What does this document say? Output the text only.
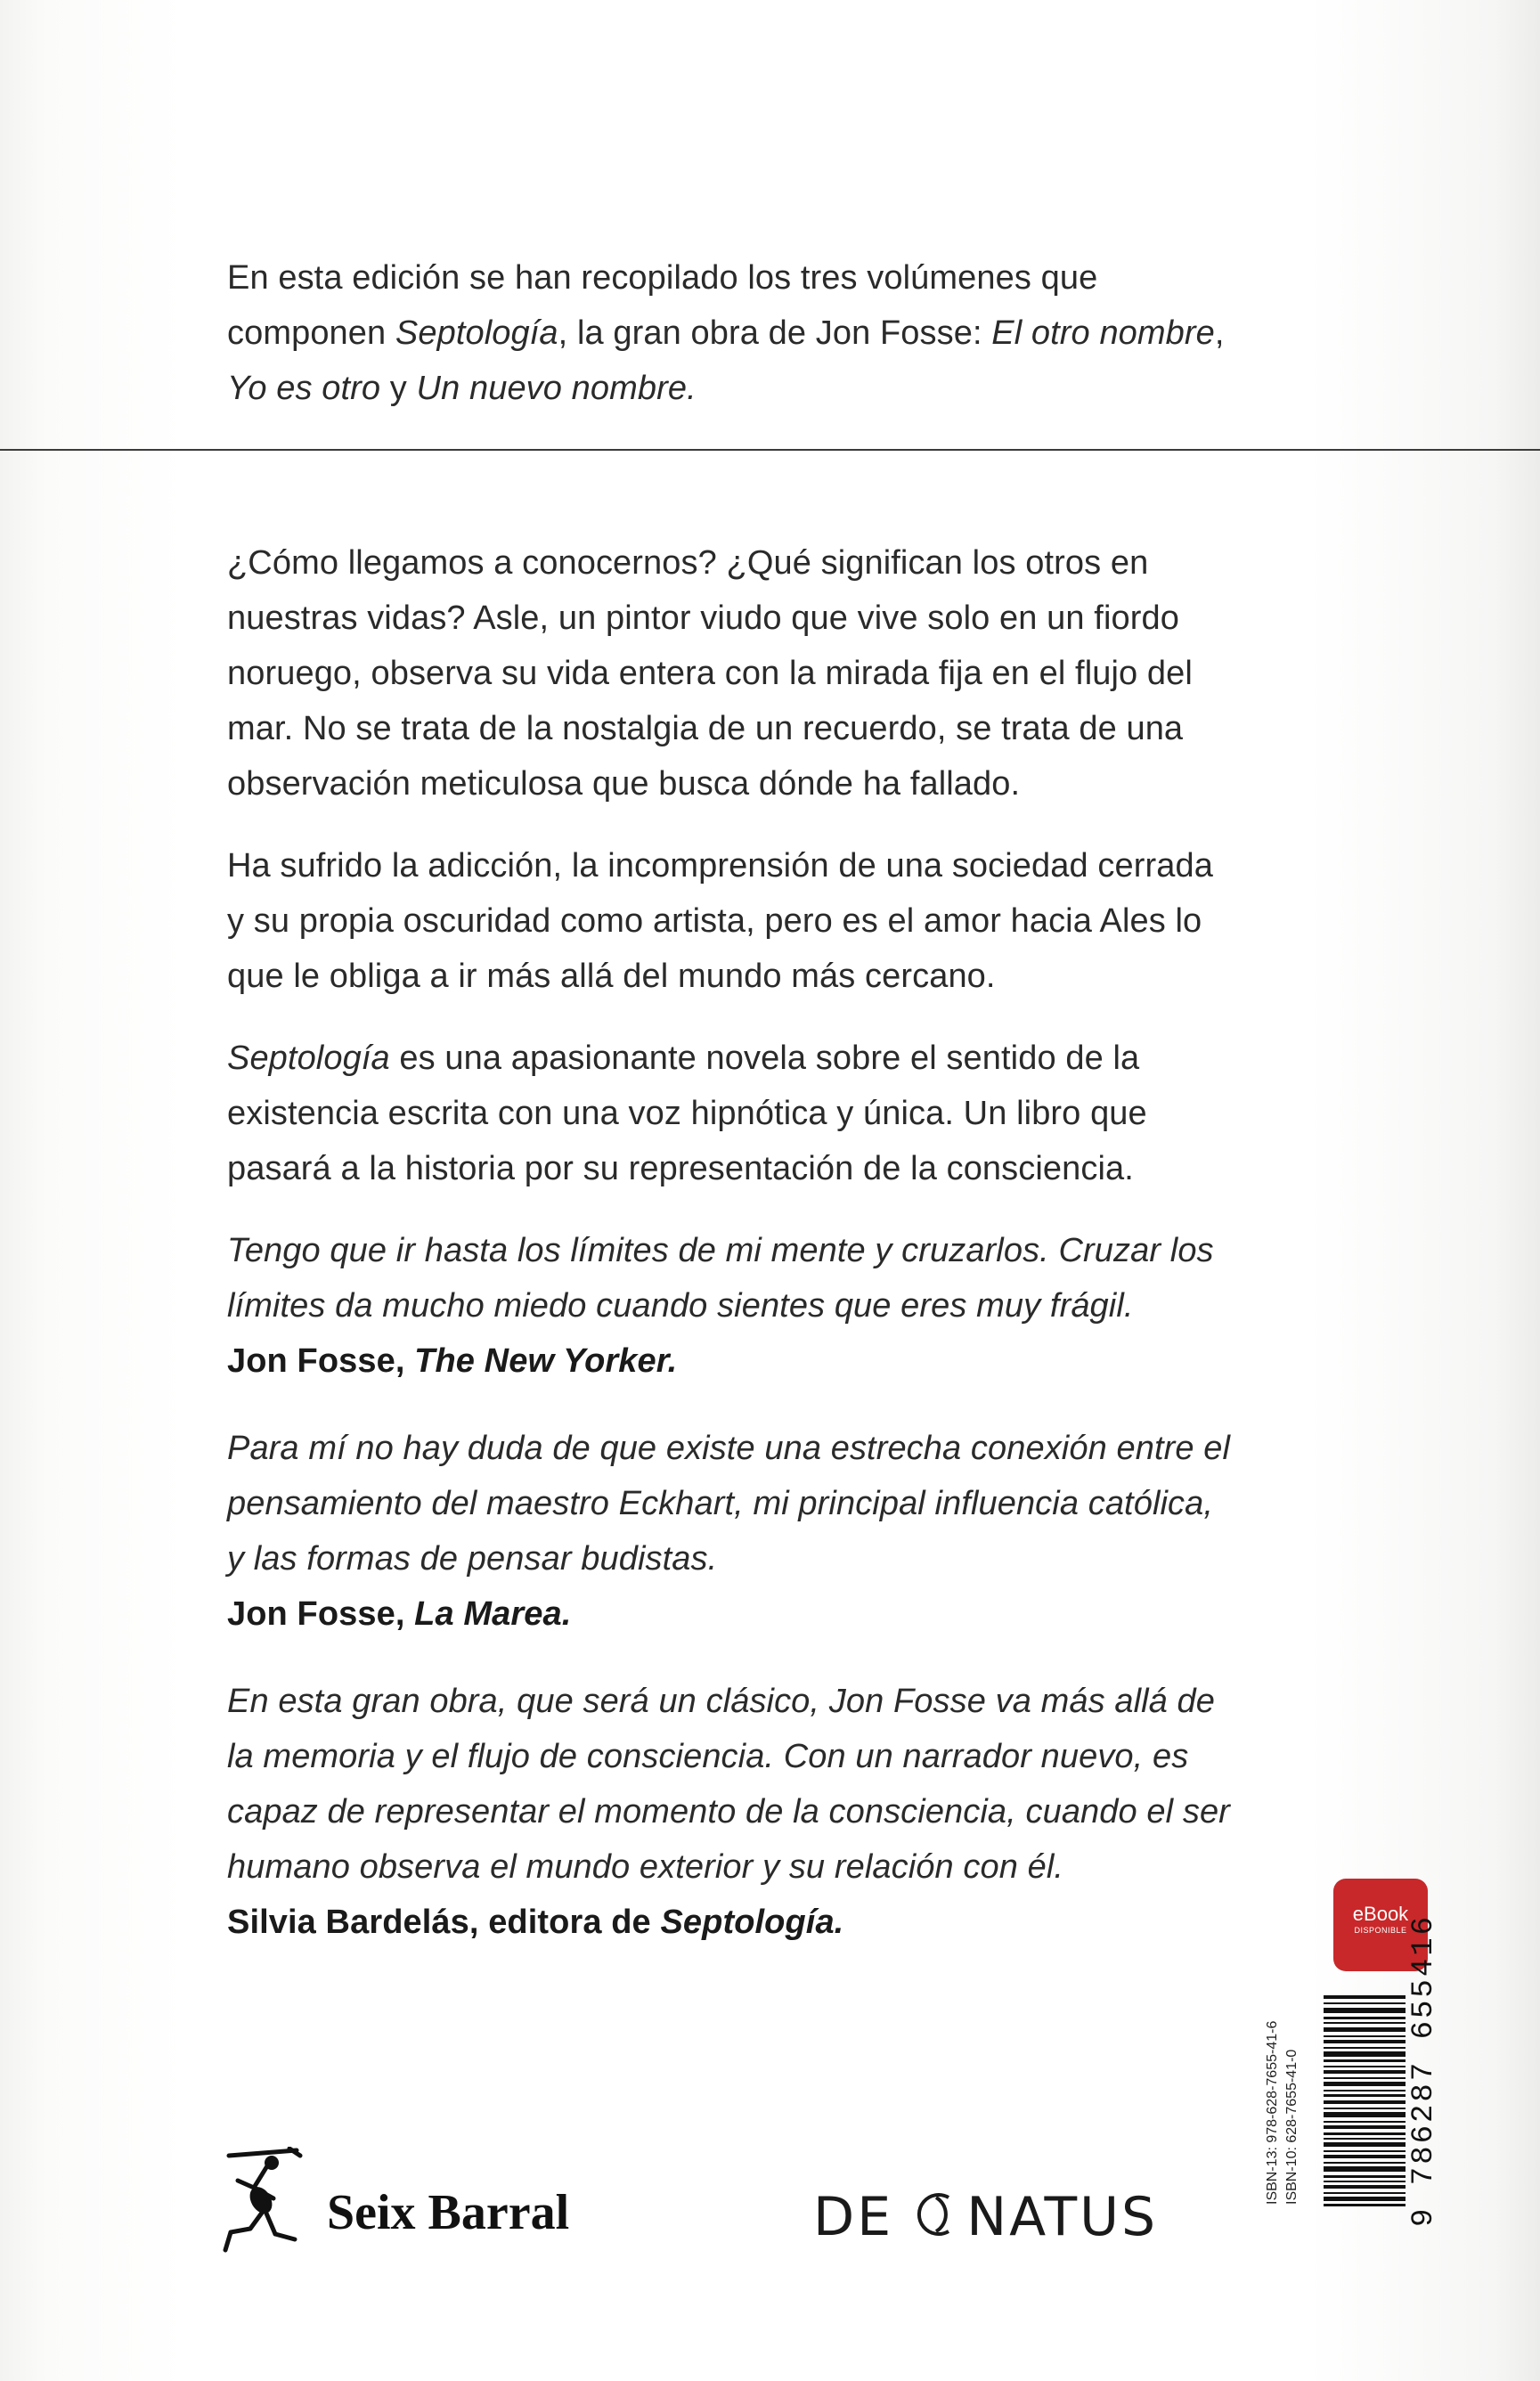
En esta edición se han recopilado los tres volúmenes que

componen Septología, la gran obra de Jon Fosse: El otro nombre,

Yo es otro y Un nuevo nombre.

¿Cómo llegamos a conocernos? ¿Qué significan los otros en

nuestras vidas? Asle, un pintor viudo que vive solo en un fiordo

noruego, observa su vida entera con la mirada fija en el flujo del

mar. No se trata de la nostalgia de un recuerdo, se trata de una

observación meticulosa que busca dónde ha fallado.

Ha sufrido la adicción, la incomprensión de una sociedad cerrada

y su propia oscuridad como artista, pero es el amor hacia Ales lo

que le obliga a ir más allá del mundo más cercano.

Septología es una apasionante novela sobre el sentido de la

existencia escrita con una voz hipnótica y única. Un libro que

pasará a la historia por su representación de la consciencia.

Tengo que ir hasta los límites de mi mente y cruzarlos. Cruzar los

límites da mucho miedo cuando sientes que eres muy frágil.

Jon Fosse, The New Yorker.

Para mí no hay duda de que existe una estrecha conexión entre el

pensamiento del maestro Eckhart, mi principal influencia católica,

y las formas de pensar budistas.

Jon Fosse, La Marea.

En esta gran obra, que será un clásico, Jon Fosse va más allá de

la memoria y el flujo de consciencia. Con un narrador nuevo, es

capaz de representar el momento de la consciencia, cuando el ser

humano observa el mundo exterior y su relación con él.

Silvia Bardelás, editora de Septología.	eBook
DISPONIBLE
ISBN-13: 978-628-7655-41-6 ISBN-10: 628-7655-41-0	9 786287 655416
Seix Barral	DE NATUS
